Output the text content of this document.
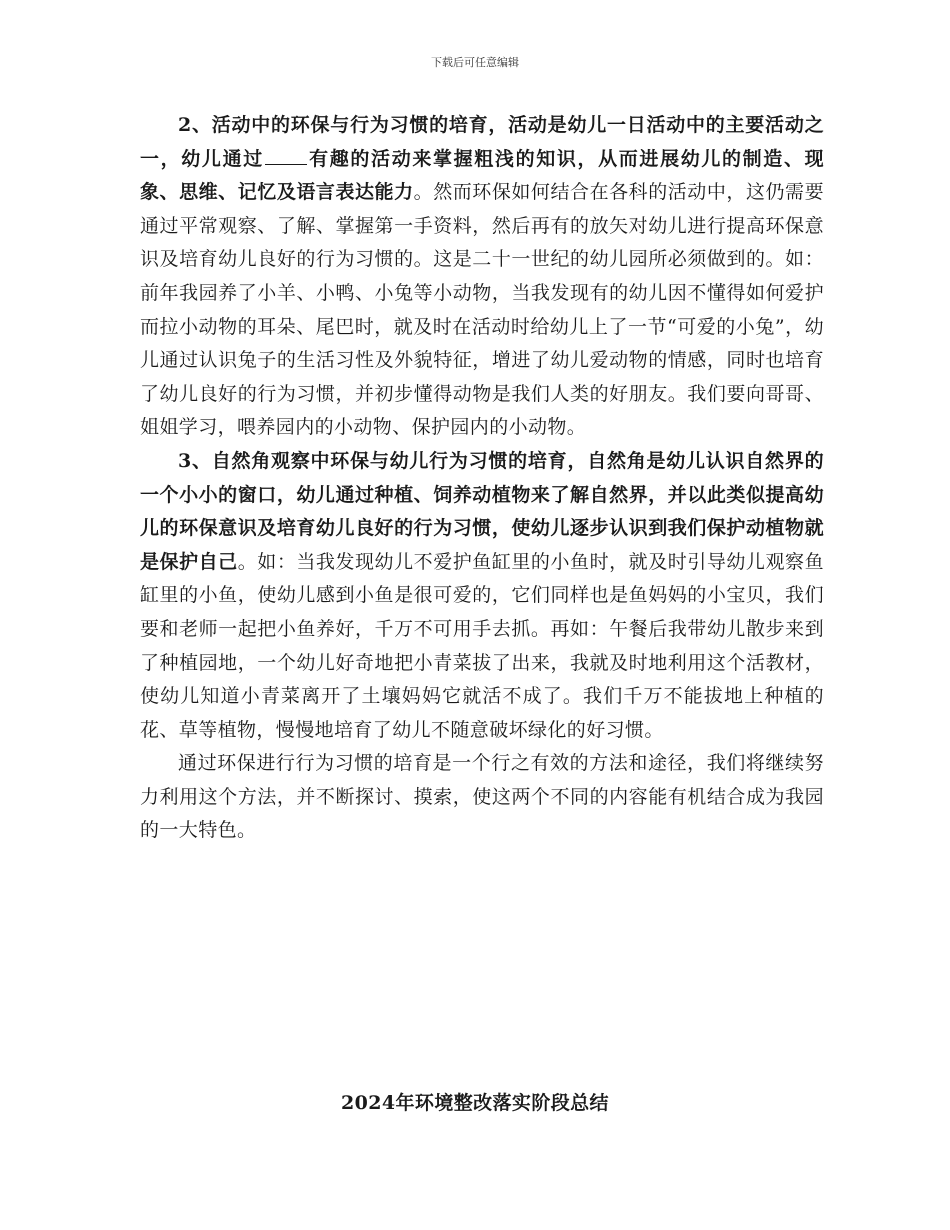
下载后可任意编辑

2、活动中的环保与行为习惯的培育，活动是幼儿一日活动中的主要活动之一，幼儿通过 有趣的活动来掌握粗浅的知识，从而进展幼儿的制造、现象、思维、记忆及语言表达能力。然而环保如何结合在各科的活动中，这仍需要通过平常观察、了解、掌握第一手资料，然后再有的放矢对幼儿进行提高环保意识及培育幼儿良好的行为习惯的。这是二十一世纪的幼儿园所必须做到的。如：前年我园养了小羊、小鸭、小兔等小动物，当我发现有的幼儿因不懂得如何爱护而拉小动物的耳朵、尾巴时，就及时在活动时给幼儿上了一节“可爱的小兔”，幼儿通过认识兔子的生活习性及外貌特征，增进了幼儿爱动物的情感，同时也培育了幼儿良好的行为习惯，并初步懂得动物是我们人类的好朋友。我们要向哥哥、姐姐学习，喂养园内的小动物、保护园内的小动物。

3、自然角观察中环保与幼儿行为习惯的培育，自然角是幼儿认识自然界的一个小小的窗口，幼儿通过种植、饲养动植物来了解自然界，并以此类似提高幼儿的环保意识及培育幼儿良好的行为习惯，使幼儿逐步认识到我们保护动植物就是保护自己。如：当我发现幼儿不爱护鱼缸里的小鱼时，就及时引导幼儿观察鱼缸里的小鱼，使幼儿感到小鱼是很可爱的，它们同样也是鱼妈妈的小宝贝，我们要和老师一起把小鱼养好，千万不可用手去抓。再如：午餐后我带幼儿散步来到了种植园地，一个幼儿好奇地把小青菜拔了出来，我就及时地利用这个活教材，使幼儿知道小青菜离开了土壤妈妈它就活不成了。我们千万不能拔地上种植的花、草等植物，慢慢地培育了幼儿不随意破坏绿化的好习惯。

通过环保进行行为习惯的培育是一个行之有效的方法和途径，我们将继续努力利用这个方法，并不断探讨、摸索，使这两个不同的内容能有机结合成为我园的一大特色。

2024年环境整改落实阶段总结
